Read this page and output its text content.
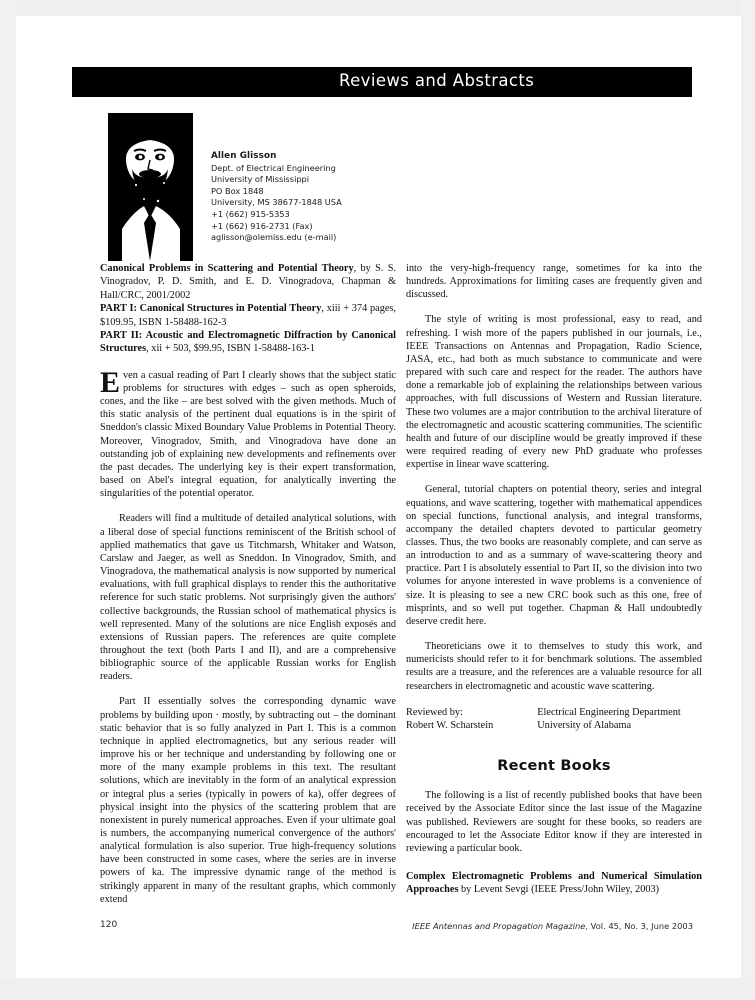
Reviews and Abstracts
Allen Glisson
Dept. of Electrical Engineering
University of Mississippi
PO Box 1848
University, MS 38677-1848 USA
+1 (662) 915-5353
+1 (662) 916-2731 (Fax)
aglisson@olemiss.edu (e-mail)
Canonical Problems in Scattering and Potential Theory, by S. S. Vinogradov, P. D. Smith, and E. D. Vinogradova, Chapman & Hall/CRC, 2001/2002
PART I: Canonical Structures in Potential Theory, xiii + 374 pages, $109.95, ISBN 1-58488-162-3
PART II: Acoustic and Electromagnetic Diffraction by Canonical Structures, xii + 503, $99.95, ISBN 1-58488-163-1
Even a casual reading of Part I clearly shows that the subject static problems for structures with edges – such as open spheroids, cones, and the like – are best solved with the given methods. Much of this static analysis of the pertinent dual equations is in the spirit of Sneddon's classic Mixed Boundary Value Problems in Potential Theory. Moreover, Vinogradov, Smith, and Vinogradova have done an outstanding job of explaining new developments and refinements over the past decades. The underlying key is their expert transformation, based on Abel's integral equation, for analytically inverting the singularities of the potential operator.

Readers will find a multitude of detailed analytical solutions, with a liberal dose of special functions reminiscent of the British school of applied mathematics that gave us Titchmarsh, Whitaker and Watson, Carslaw and Jaeger, as well as Sneddon. In Vinogradov, Smith, and Vinogradova, the mathematical analysis is now supported by numerical evaluations, with full graphical displays to render this the authoritative reference for such static problems. Not surprisingly given the authors' collective backgrounds, the Russian school of mathematical physics is well represented. Many of the solutions are nice English exposés and extensions of Russian papers. The references are quite complete throughout the text (both Parts I and II), and are a comprehensive bibliographic source of the applicable Russian works for English readers.

Part II essentially solves the corresponding dynamic wave problems by building upon · mostly, by subtracting out – the dominant static behavior that is so fully analyzed in Part I. This is a common technique in applied electromagnetics, but any serious reader will improve his or her technique and understanding by following one or more of the many example problems in this text. The resultant solutions, which are inevitably in the form of an analytical expression or integral plus a series (typically in powers of ka), offer degrees of physical insight into the physics of the scattering problem that are nonexistent in purely numerical approaches. Even if your ultimate goal is numbers, the accompanying numerical convergence of the authors' analytical formulation is also superior. True high-frequency solutions have been constructed in some cases, where the series are in inverse powers of ka. The impressive dynamic range of the method is strikingly apparent in many of the resultant graphs, which commonly extend

into the very-high-frequency range, sometimes for ka into the hundreds. Approximations for limiting cases are frequently given and discussed.

The style of writing is most professional, easy to read, and refreshing. I wish more of the papers published in our journals, i.e., IEEE Transactions on Antennas and Propagation, Radio Science, JASA, etc., had both as much substance to communicate and were prepared with such care and respect for the reader. The authors have done a remarkable job of explaining the relationships between various approaches, with full discussions of Western and Russian literature. These two volumes are a major contribution to the archival literature of the electromagnetic and acoustic scattering communities. The scientific health and future of our discipline would be greatly improved if these were required reading of every new PhD graduate who professes expertise in linear wave scattering.

General, tutorial chapters on potential theory, series and integral equations, and wave scattering, together with mathematical appendices on special functions, functional analysis, and integral transforms, accompany the detailed chapters devoted to particular geometry classes. Thus, the two books are reasonably complete, and can serve as an introduction to and as a summary of wave-scattering theory and practice. Part I is absolutely essential to Part II, so the division into two volumes for anyone interested in wave problems is a convenience of size. It is pleasing to see a new CRC book such as this one, free of misprints, and so well put together. Chapman & Hall undoubtedly deserve credit here.

Theoreticians owe it to themselves to study this work, and numericists should refer to it for benchmark solutions. The assembled results are a treasure, and the references are a valuable resource for all researchers in electromagnetic and acoustic wave scattering.

Reviewed by:
Robert W. Scharstein
Electrical Engineering Department
University of Alabama
Recent Books

The following is a list of recently published books that have been received by the Associate Editor since the last issue of the Magazine was published. Reviewers are sought for these books, so readers are encouraged to let the Associate Editor know if they are interested in reviewing a particular book.

Complex Electromagnetic Problems and Numerical Simulation Approaches by Levent Sevgi (IEEE Press/John Wiley, 2003)
120	IEEE Antennas and Propagation Magazine, Vol. 45, No. 3, June 2003
